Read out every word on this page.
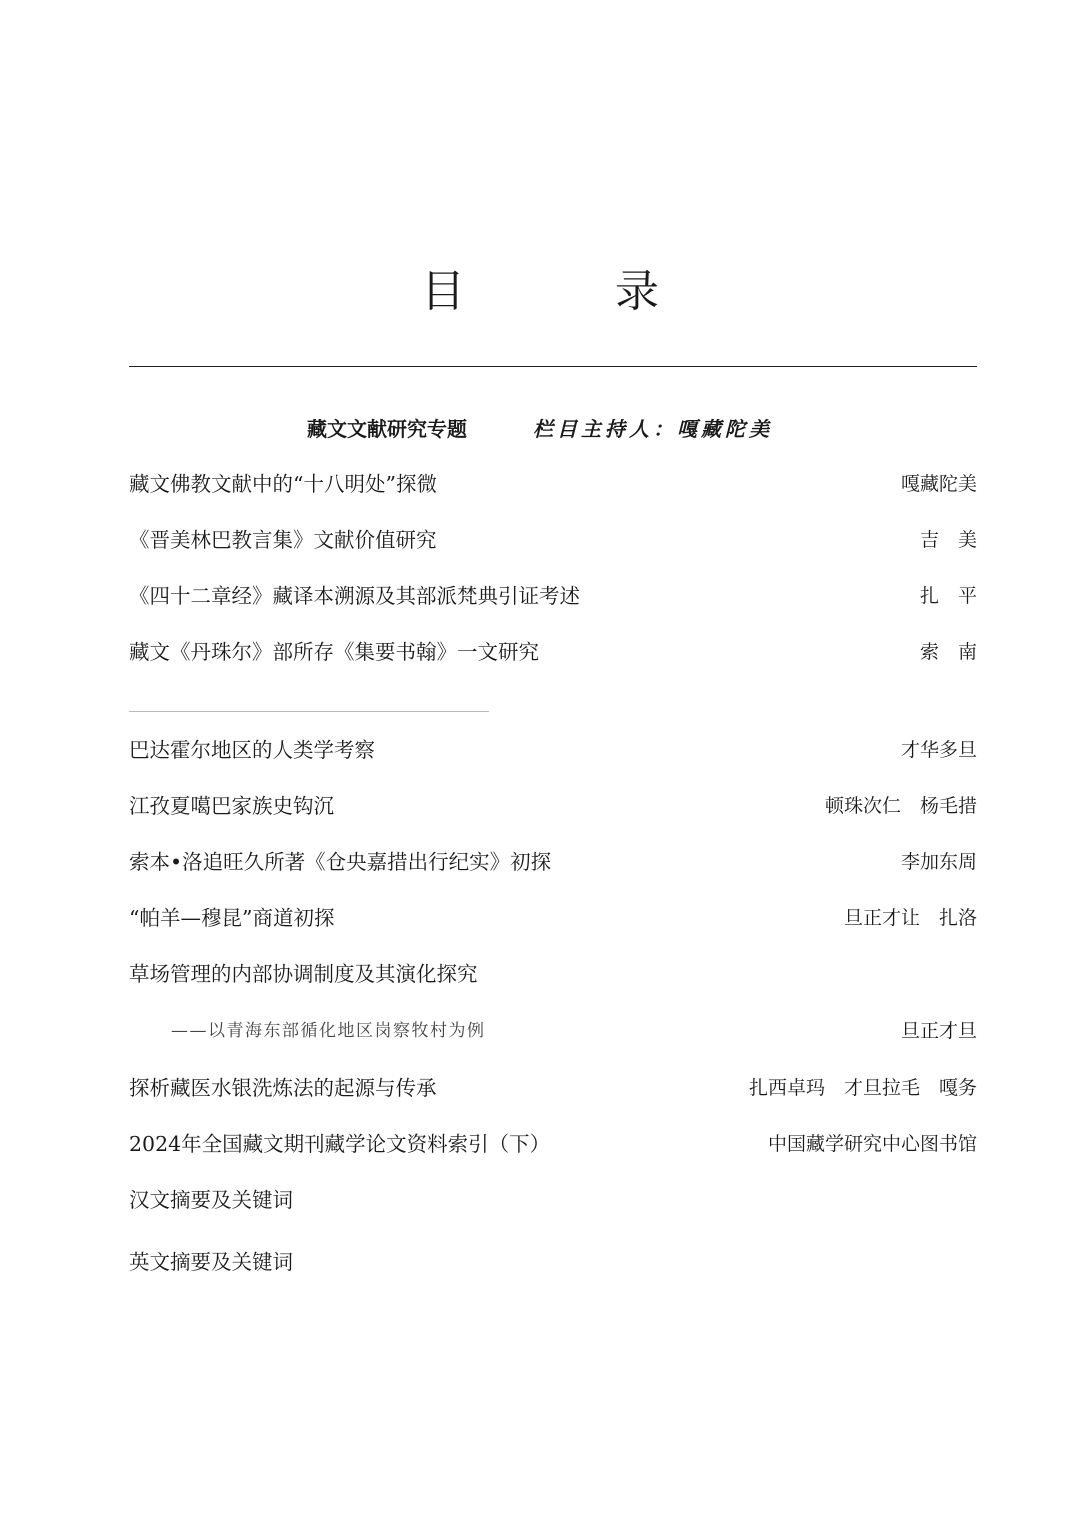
目	录
藏文文献研究专题	栏目主持人：嘎藏陀美
藏文佛教文献中的“十八明处”探微	嘎藏陀美
《晋美林巴教言集》文献价值研究	吉　美
《四十二章经》藏译本溯源及其部派梵典引证考述	扎　平
藏文《丹珠尔》部所存《集要书翰》一文研究	索　南
巴达霍尔地区的人类学考察	才华多旦
江孜夏噶巴家族史钩沉	顿珠次仁　杨毛措
索本•洛追旺久所著《仓央嘉措出行纪实》初探	李加东周
“帕羊—穆昆”商道初探	旦正才让　扎洛
草场管理的内部协调制度及其演化探究
——以青海东部循化地区岗察牧村为例	旦正才旦
探析藏医水银洗炼法的起源与传承	扎西卓玛　才旦拉毛　嘎务
2024年全国藏文期刊藏学论文资料索引（下）	中国藏学研究中心图书馆
汉文摘要及关键词
英文摘要及关键词
